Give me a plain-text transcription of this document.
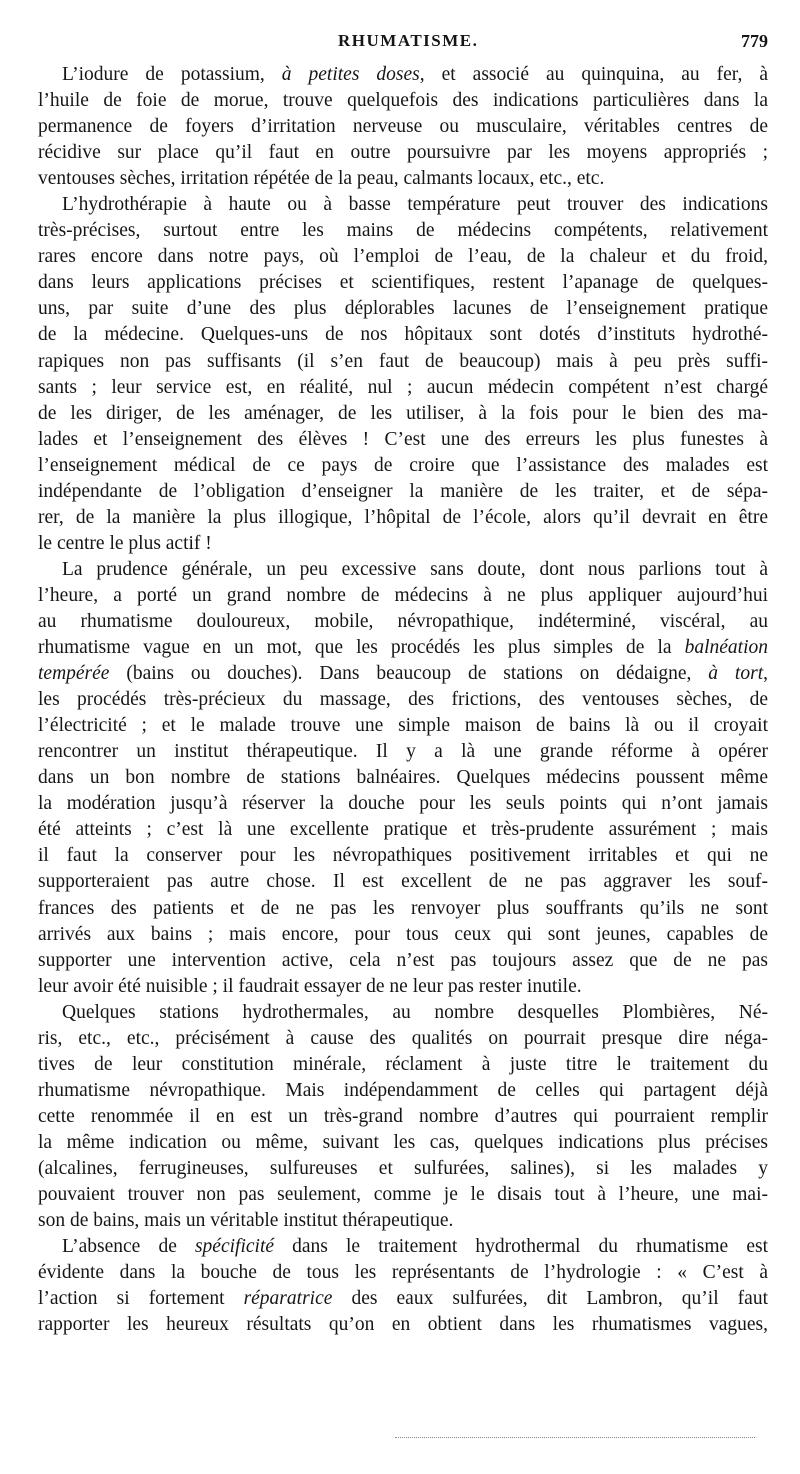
RHUMATISME.	779
L’iodure de potassium, à petites doses, et associé au quinquina, au fer, à
l’huile de foie de morue, trouve quelquefois des indications particulières dans la
permanence de foyers d’irritation nerveuse ou musculaire, véritables centres de
récidive sur place qu’il faut en outre poursuivre par les moyens appropriés ;
ventouses sèches, irritation répétée de la peau, calmants locaux, etc., etc.
L’hydrothérapie à haute ou à basse température peut trouver des indications
très-précises, surtout entre les mains de médecins compétents, relativement
rares encore dans notre pays, où l’emploi de l’eau, de la chaleur et du froid,
dans leurs applications précises et scientifiques, restent l’apanage de quelques-
uns, par suite d’une des plus déplorables lacunes de l’enseignement pratique
de la médecine. Quelques-uns de nos hôpitaux sont dotés d’instituts hydrothé-
rapiques non pas suffisants (il s’en faut de beaucoup) mais à peu près suffi-
sants ; leur service est, en réalité, nul ; aucun médecin compétent n’est chargé
de les diriger, de les aménager, de les utiliser, à la fois pour le bien des ma-
lades et l’enseignement des élèves ! C’est une des erreurs les plus funestes à
l’enseignement médical de ce pays de croire que l’assistance des malades est
indépendante de l’obligation d’enseigner la manière de les traiter, et de sépa-
rer, de la manière la plus illogique, l’hôpital de l’école, alors qu’il devrait en être
le centre le plus actif !
La prudence générale, un peu excessive sans doute, dont nous parlions tout à
l’heure, a porté un grand nombre de médecins à ne plus appliquer aujourd’hui
au rhumatisme douloureux, mobile, névropathique, indéterminé, viscéral, au
rhumatisme vague en un mot, que les procédés les plus simples de la balnéation
tempérée (bains ou douches). Dans beaucoup de stations on dédaigne, à tort,
les procédés très-précieux du massage, des frictions, des ventouses sèches, de
l’électricité ; et le malade trouve une simple maison de bains là ou il croyait
rencontrer un institut thérapeutique. Il y a là une grande réforme à opérer
dans un bon nombre de stations balnéaires. Quelques médecins poussent même
la modération jusqu’à réserver la douche pour les seuls points qui n’ont jamais
été atteints ; c’est là une excellente pratique et très-prudente assurément ; mais
il faut la conserver pour les névropathiques positivement irritables et qui ne
supporteraient pas autre chose. Il est excellent de ne pas aggraver les souf-
frances des patients et de ne pas les renvoyer plus souffrants qu’ils ne sont
arrivés aux bains ; mais encore, pour tous ceux qui sont jeunes, capables de
supporter une intervention active, cela n’est pas toujours assez que de ne pas
leur avoir été nuisible ; il faudrait essayer de ne leur pas rester inutile.
Quelques stations hydrothermales, au nombre desquelles Plombières, Né-
ris, etc., etc., précisément à cause des qualités on pourrait presque dire néga-
tives de leur constitution minérale, réclament à juste titre le traitement du
rhumatisme névropathique. Mais indépendamment de celles qui partagent déjà
cette renommée il en est un très-grand nombre d’autres qui pourraient remplir
la même indication ou même, suivant les cas, quelques indications plus précises
(alcalines, ferrugineuses, sulfureuses et sulfurées, salines), si les malades y
pouvaient trouver non pas seulement, comme je le disais tout à l’heure, une mai-
son de bains, mais un véritable institut thérapeutique.
L’absence de spécificité dans le traitement hydrothermal du rhumatisme est
évidente dans la bouche de tous les représentants de l’hydrologie : « C’est à
l’action si fortement réparatrice des eaux sulfurées, dit Lambron, qu’il faut
rapporter les heureux résultats qu’on en obtient dans les rhumatismes vagues,
